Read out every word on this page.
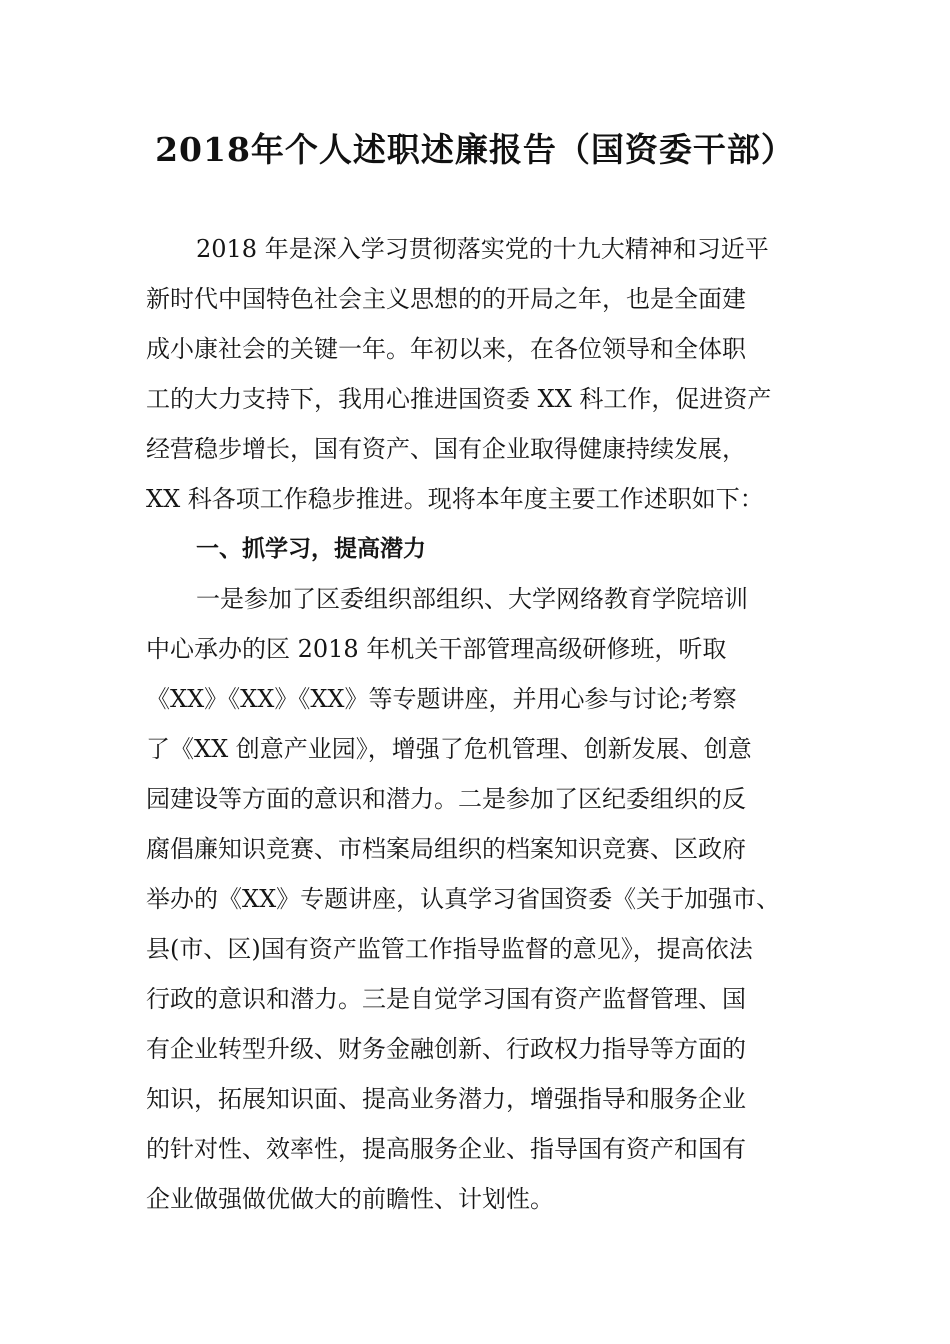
2018年个人述职述廉报告（国资委干部）
2018 年是深入学习贯彻落实党的十九大精神和习近平
新时代中国特色社会主义思想的的开局之年，也是全面建
成小康社会的关键一年。年初以来，在各位领导和全体职
工的大力支持下，我用心推进国资委 XX 科工作，促进资产
经营稳步增长，国有资产、国有企业取得健康持续发展，
XX 科各项工作稳步推进。现将本年度主要工作述职如下：
一、抓学习，提高潜力
一是参加了区委组织部组织、大学网络教育学院培训
中心承办的区 2018 年机关干部管理高级研修班，听取
《XX》《XX》《XX》等专题讲座，并用心参与讨论;考察
了《XX 创意产业园》，增强了危机管理、创新发展、创意
园建设等方面的意识和潜力。二是参加了区纪委组织的反
腐倡廉知识竞赛、市档案局组织的档案知识竞赛、区政府
举办的《XX》专题讲座，认真学习省国资委《关于加强市、
县(市、区)国有资产监管工作指导监督的意见》，提高依法
行政的意识和潜力。三是自觉学习国有资产监督管理、国
有企业转型升级、财务金融创新、行政权力指导等方面的
知识，拓展知识面、提高业务潜力，增强指导和服务企业
的针对性、效率性，提高服务企业、指导国有资产和国有
企业做强做优做大的前瞻性、计划性。
